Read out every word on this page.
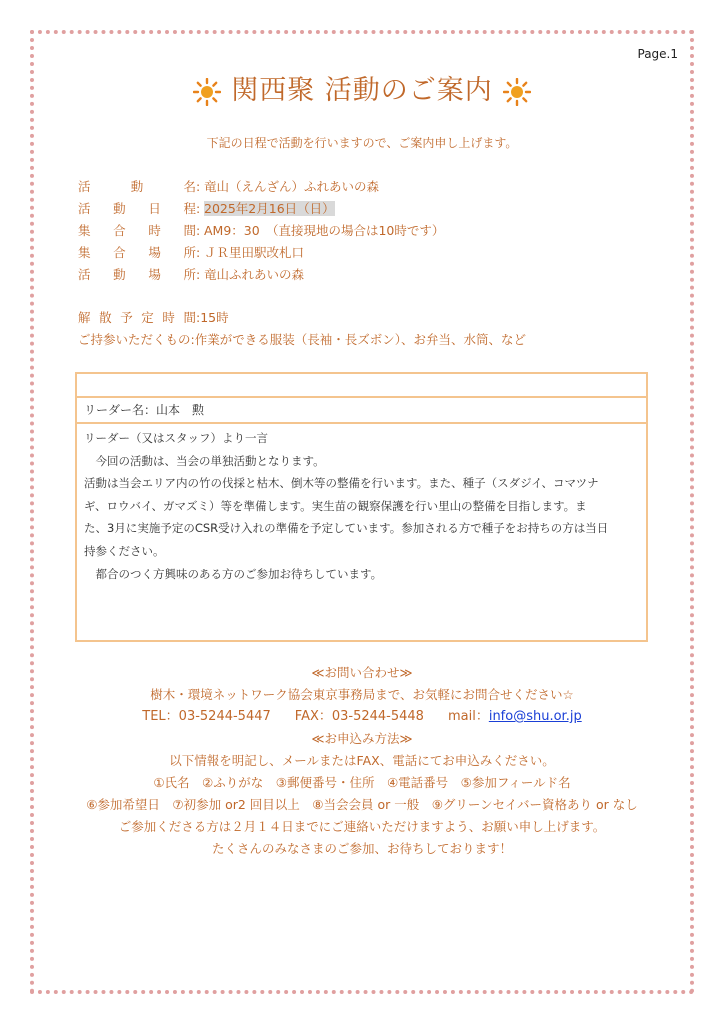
Page.1
関西聚 活動のご案内
下記の日程で活動を行いますので、ご案内申し上げます。
活動名: 竜山（えんざん）ふれあいの森
活動日程: 2025年2月16日（日）
集合時間: AM9：30　（直接現地の場合は10時です）
集合場所: ＪＲ里田駅改札口
活動場所: 竜山ふれあいの森
解散予定時間:15時
ご持参いただくもの:作業ができる服装（長袖・長ズボン）、お弁当、水筒、など
リーダー名：山本　勲
リーダー（又はスタッフ）より一言
　今回の活動は、当会の単独活動となります。
活動は当会エリア内の竹の伐採と枯木、倒木等の整備を行います。また、種子（スダジイ、コマツナ
ギ、ロウバイ、ガマズミ）等を準備します。実生苗の観察保護を行い里山の整備を目指します。ま
た、3月に実施予定のCSR受け入れの準備を予定しています。参加される方で種子をお持ちの方は当日
持参ください。
　都合のつく方興味のある方のご参加お待ちしています。
≪お問い合わせ≫
樹木・環境ネットワーク協会東京事務局まで、お気軽にお問合せください☆
TEL：03-5244-5447 FAX：03-5244-5448 mail：info@shu.or.jp
≪お申込み方法≫
以下情報を明記し、メールまたはFAX、電話にてお申込みください。
①氏名　②ふりがな　③郵便番号・住所　④電話番号　⑤参加フィールド名
⑥参加希望日　⑦初参加 or2 回目以上　⑧当会会員 or 一般　⑨グリーンセイバー資格あり or なし
ご参加くださる方は２月１４日までにご連絡いただけますよう、お願い申し上げます。
たくさんのみなさまのご参加、お待ちしております！
